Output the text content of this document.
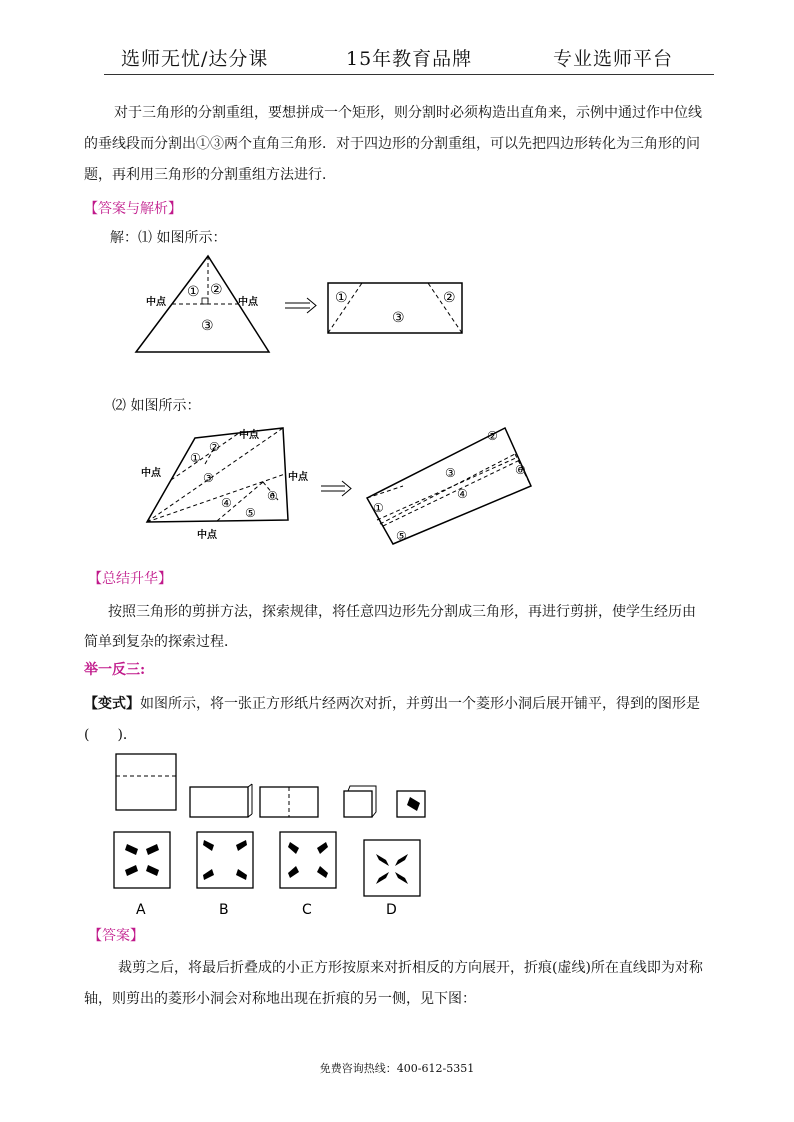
选师无忧/达分课	15年教育品牌	专业选师平台
对于三角形的分割重组，要想拼成一个矩形，则分割时必须构造出直角来，示例中通过作中位线
的垂线段而分割出①③两个直角三角形．对于四边形的分割重组，可以先把四边形转化为三角形的问
题，再利用三角形的分割重组方法进行．
【答案与解析】
解：⑴ 如图所示：
中点	中点
① ②
③
①	②
③
⑵ 如图所示：
中点
中点	中点
中点
①
②
③
④
⑤
⑥
①
②
③
④
⑤
⑥
【总结升华】
按照三角形的剪拼方法，探索规律，将任意四边形先分割成三角形，再进行剪拼，使学生经历由
简单到复杂的探索过程．
举一反三:
【变式】如图所示，将一张正方形纸片经两次对折，并剪出一个菱形小洞后展开铺平，得到的图形是
(　　)．
A	B	C	D
【答案】
裁剪之后，将最后折叠成的小正方形按原来对折相反的方向展开，折痕(虚线)所在直线即为对称
轴，则剪出的菱形小洞会对称地出现在折痕的另一侧，见下图：
免费咨询热线：400-612-5351
